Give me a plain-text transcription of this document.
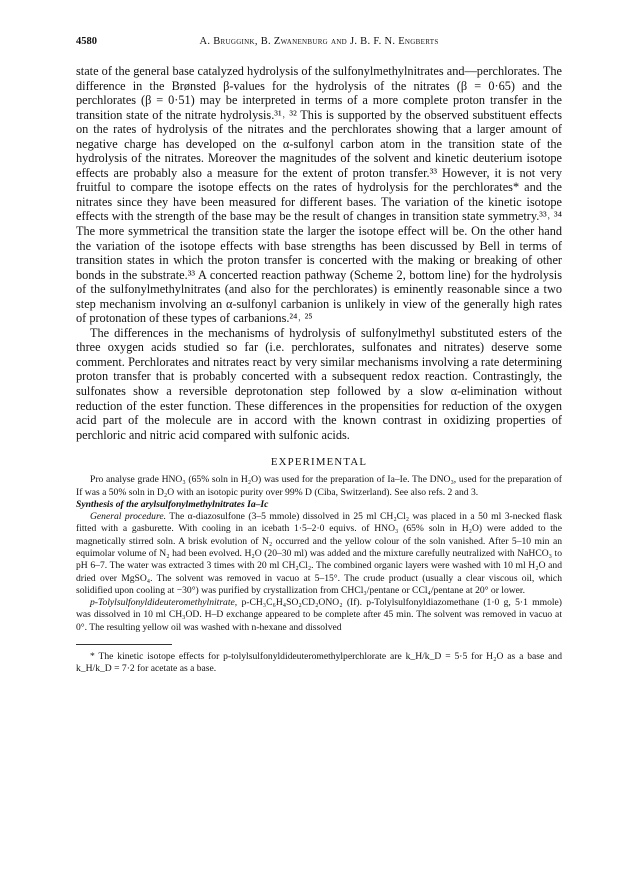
4580	A. Bruggink, B. Zwanenburg and J. B. F. N. Engberts

state of the general base catalyzed hydrolysis of the sulfonylmethylnitrates and—perchlorates. The difference in the Brønsted β-values for the hydrolysis of the nitrates (β = 0·65) and the perchlorates (β = 0·51) may be interpreted in terms of a more complete proton transfer in the transition state of the nitrate hydrolysis.³¹˒ ³² This is supported by the observed substituent effects on the rates of hydrolysis of the nitrates and the perchlorates showing that a larger amount of negative charge has developed on the α-sulfonyl carbon atom in the transition state of the hydrolysis of the nitrates. Moreover the magnitudes of the solvent and kinetic deuterium isotope effects are probably also a measure for the extent of proton transfer.³³ However, it is not very fruitful to compare the isotope effects on the rates of hydrolysis for the perchlorates* and the nitrates since they have been measured for different bases. The variation of the kinetic isotope effects with the strength of the base may be the result of changes in transition state symmetry.³³˒ ³⁴ The more symmetrical the transition state the larger the isotope effect will be. On the other hand the variation of the isotope effects with base strengths has been discussed by Bell in terms of transition states in which the proton transfer is concerted with the making or breaking of other bonds in the substrate.³³ A concerted reaction pathway (Scheme 2, bottom line) for the hydrolysis of the sulfonylmethylnitrates (and also for the perchlorates) is eminently reasonable since a two step mechanism involving an α-sulfonyl carbanion is unlikely in view of the generally high rates of protonation of these types of carbanions.²⁴˒ ²⁵

The differences in the mechanisms of hydrolysis of sulfonylmethyl substituted esters of the three oxygen acids studied so far (i.e. perchlorates, sulfonates and nitrates) deserve some comment. Perchlorates and nitrates react by very similar mechanisms involving a rate determining proton transfer that is probably concerted with a subsequent redox reaction. Contrastingly, the sulfonates show a reversible deprotonation step followed by a slow α-elimination without reduction of the ester function. These differences in the propensities for reduction of the oxygen acid part of the molecule are in accord with the known contrast in oxidizing properties of perchloric and nitric acid compared with sulfonic acids.

EXPERIMENTAL

Pro analyse grade HNO₃ (65% soln in H₂O) was used for the preparation of Ia–Ie. The DNO₃, used for the preparation of If was a 50% soln in D₂O with an isotopic purity over 99% D (Ciba, Switzerland). See also refs. 2 and 3.

Synthesis of the arylsulfonylmethylnitrates Ia–Ic

General procedure. The α-diazosulfone (3–5 mmole) dissolved in 25 ml CH₂Cl₂ was placed in a 50 ml 3-necked flask fitted with a gasburette. With cooling in an icebath 1·5–2·0 equivs. of HNO₃ (65% soln in H₂O) were added to the magnetically stirred soln. A brisk evolution of N₂ occurred and the yellow colour of the soln vanished. After 5–10 min an equimolar volume of N₂ had been evolved. H₂O (20–30 ml) was added and the mixture carefully neutralized with NaHCO₃ to pH 6–7. The water was extracted 3 times with 20 ml CH₂Cl₂. The combined organic layers were washed with 10 ml H₂O and dried over MgSO₄. The solvent was removed in vacuo at 5–15°. The crude product (usually a clear viscous oil, which solidified upon cooling at −30°) was purified by crystallization from CHCl₃/pentane or CCl₄/pentane at 20° or lower.

p-Tolylsulfonyldideuteromethylnitrate, p-CH₃C₆H₄SO₂CD₂ONO₂ (If). p-Tolylsulfonyldiazomethane (1·0 g, 5·1 mmole) was dissolved in 10 ml CH₃OD. H–D exchange appeared to be complete after 45 min. The solvent was removed in vacuo at 0°. The resulting yellow oil was washed with n-hexane and dissolved

* The kinetic isotope effects for p-tolylsulfonyldideuteromethylperchlorate are k_H/k_D = 5·5 for H₂O as a base and k_H/k_D = 7·2 for acetate as a base.
